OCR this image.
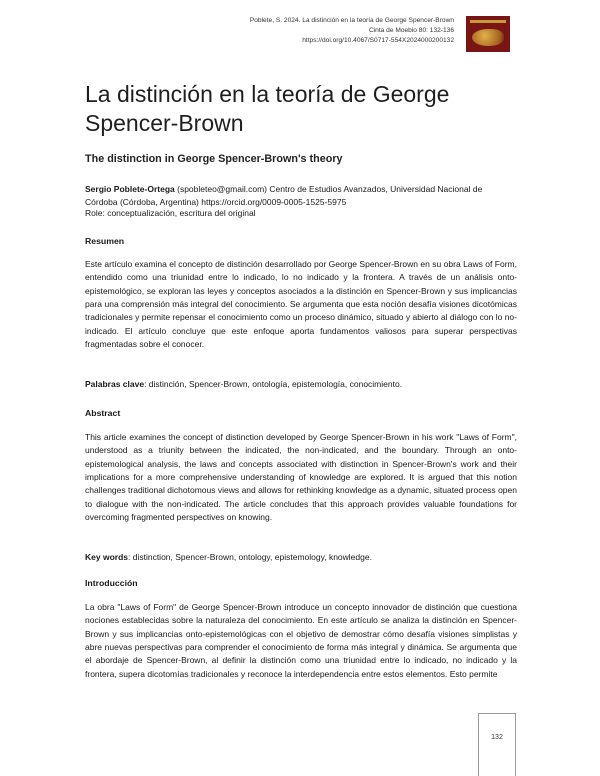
Poblete, S. 2024. La distinción en la teoría de George Spencer-Brown
Cinta de Moebio 80: 132-136
https://doi.org/10.4067/S0717-554X2024000200132
La distinción en la teoría de George Spencer-Brown
The distinction in George Spencer-Brown's theory
Sergio Poblete-Ortega (spobleteo@gmail.com) Centro de Estudios Avanzados, Universidad Nacional de Córdoba (Córdoba, Argentina) https://orcid.org/0009-0005-1525-5975
Role: conceptualización, escritura del original
Resumen

Este artículo examina el concepto de distinción desarrollado por George Spencer-Brown en su obra Laws of Form, entendido como una triunidad entre lo indicado, lo no indicado y la frontera. A través de un análisis onto-epistemológico, se exploran las leyes y conceptos asociados a la distinción en Spencer-Brown y sus implicancias para una comprensión más integral del conocimiento. Se argumenta que esta noción desafía visiones dicotómicas tradicionales y permite repensar el conocimiento como un proceso dinámico, situado y abierto al diálogo con lo no-indicado. El artículo concluye que este enfoque aporta fundamentos valiosos para superar perspectivas fragmentadas sobre el conocer.

Palabras clave: distinción, Spencer-Brown, ontología, epistemología, conocimiento.

Abstract

This article examines the concept of distinction developed by George Spencer-Brown in his work "Laws of Form", understood as a triunity between the indicated, the non-indicated, and the boundary. Through an onto-epistemological analysis, the laws and concepts associated with distinction in Spencer-Brown's work and their implications for a more comprehensive understanding of knowledge are explored. It is argued that this notion challenges traditional dichotomous views and allows for rethinking knowledge as a dynamic, situated process open to dialogue with the non-indicated. The article concludes that this approach provides valuable foundations for overcoming fragmented perspectives on knowing.

Key words: distinction, Spencer-Brown, ontology, epistemology, knowledge.

Introducción

La obra "Laws of Form" de George Spencer-Brown introduce un concepto innovador de distinción que cuestiona nociones establecidas sobre la naturaleza del conocimiento. En este artículo se analiza la distinción en Spencer-Brown y sus implicancias onto-epistemológicas con el objetivo de demostrar cómo desafía visiones simplistas y abre nuevas perspectivas para comprender el conocimiento de forma más integral y dinámica. Se argumenta que el abordaje de Spencer-Brown, al definir la distinción como una triunidad entre lo indicado, no indicado y la frontera, supera dicotomías tradicionales y reconoce la interdependencia entre estos elementos. Esto permite

132
